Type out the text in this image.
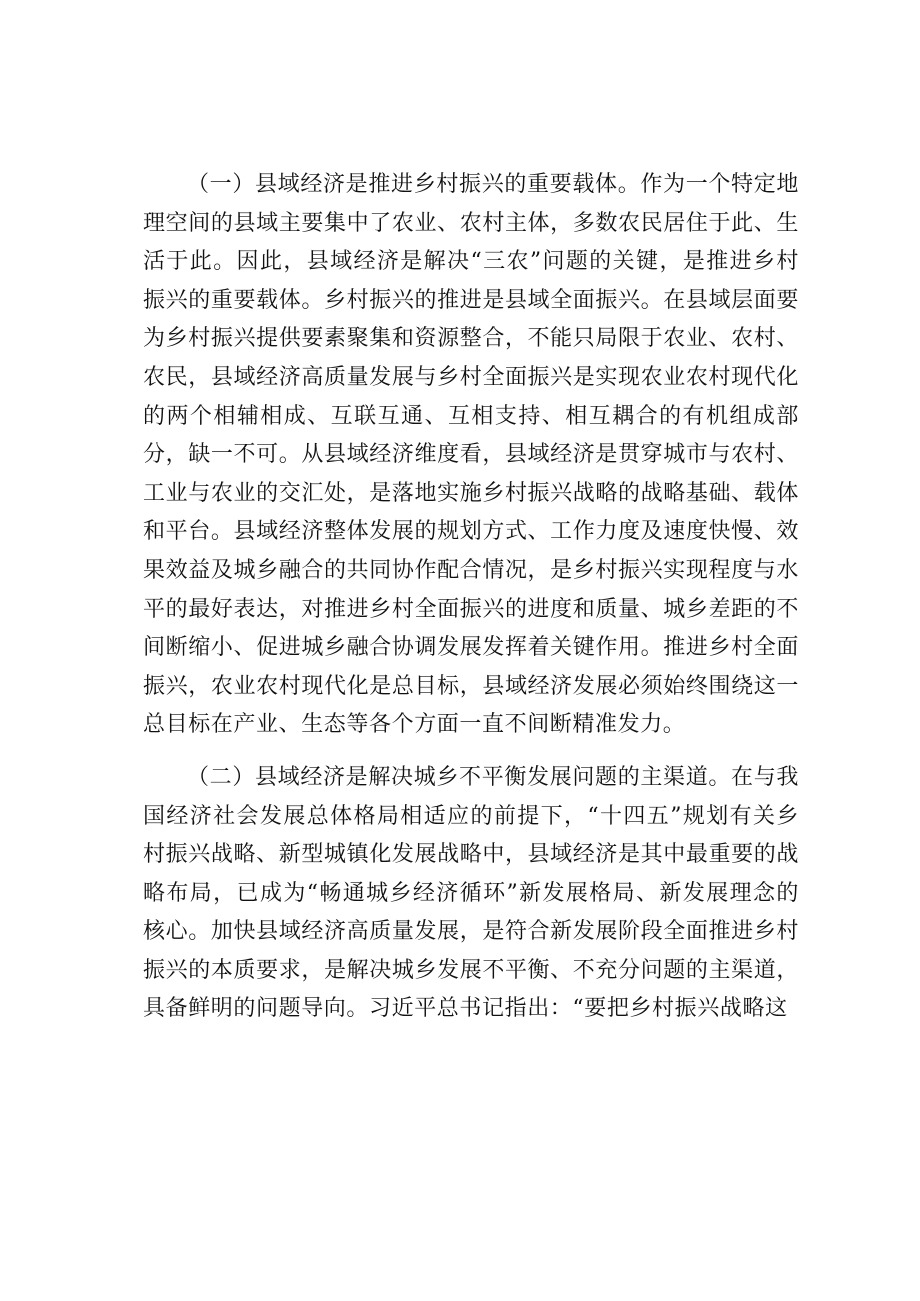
（一）县域经济是推进乡村振兴的重要载体。作为一个特定地理空间的县域主要集中了农业、农村主体，多数农民居住于此、生活于此。因此，县域经济是解决“三农”问题的关键，是推进乡村振兴的重要载体。乡村振兴的推进是县域全面振兴。在县域层面要为乡村振兴提供要素聚集和资源整合，不能只局限于农业、农村、农民，县域经济高质量发展与乡村全面振兴是实现农业农村现代化的两个相辅相成、互联互通、互相支持、相互耦合的有机组成部分，缺一不可。从县域经济维度看，县域经济是贯穿城市与农村、工业与农业的交汇处，是落地实施乡村振兴战略的战略基础、载体和平台。县域经济整体发展的规划方式、工作力度及速度快慢、效果效益及城乡融合的共同协作配合情况，是乡村振兴实现程度与水平的最好表达，对推进乡村全面振兴的进度和质量、城乡差距的不间断缩小、促进城乡融合协调发展发挥着关键作用。推进乡村全面振兴，农业农村现代化是总目标，县域经济发展必须始终围绕这一总目标在产业、生态等各个方面一直不间断精准发力。

（二）县域经济是解决城乡不平衡发展问题的主渠道。在与我国经济社会发展总体格局相适应的前提下，“十四五”规划有关乡村振兴战略、新型城镇化发展战略中，县域经济是其中最重要的战略布局，已成为“畅通城乡经济循环”新发展格局、新发展理念的核心。加快县域经济高质量发展，是符合新发展阶段全面推进乡村振兴的本质要求，是解决城乡发展不平衡、不充分问题的主渠道，具备鲜明的问题导向。习近平总书记指出：“要把乡村振兴战略这
